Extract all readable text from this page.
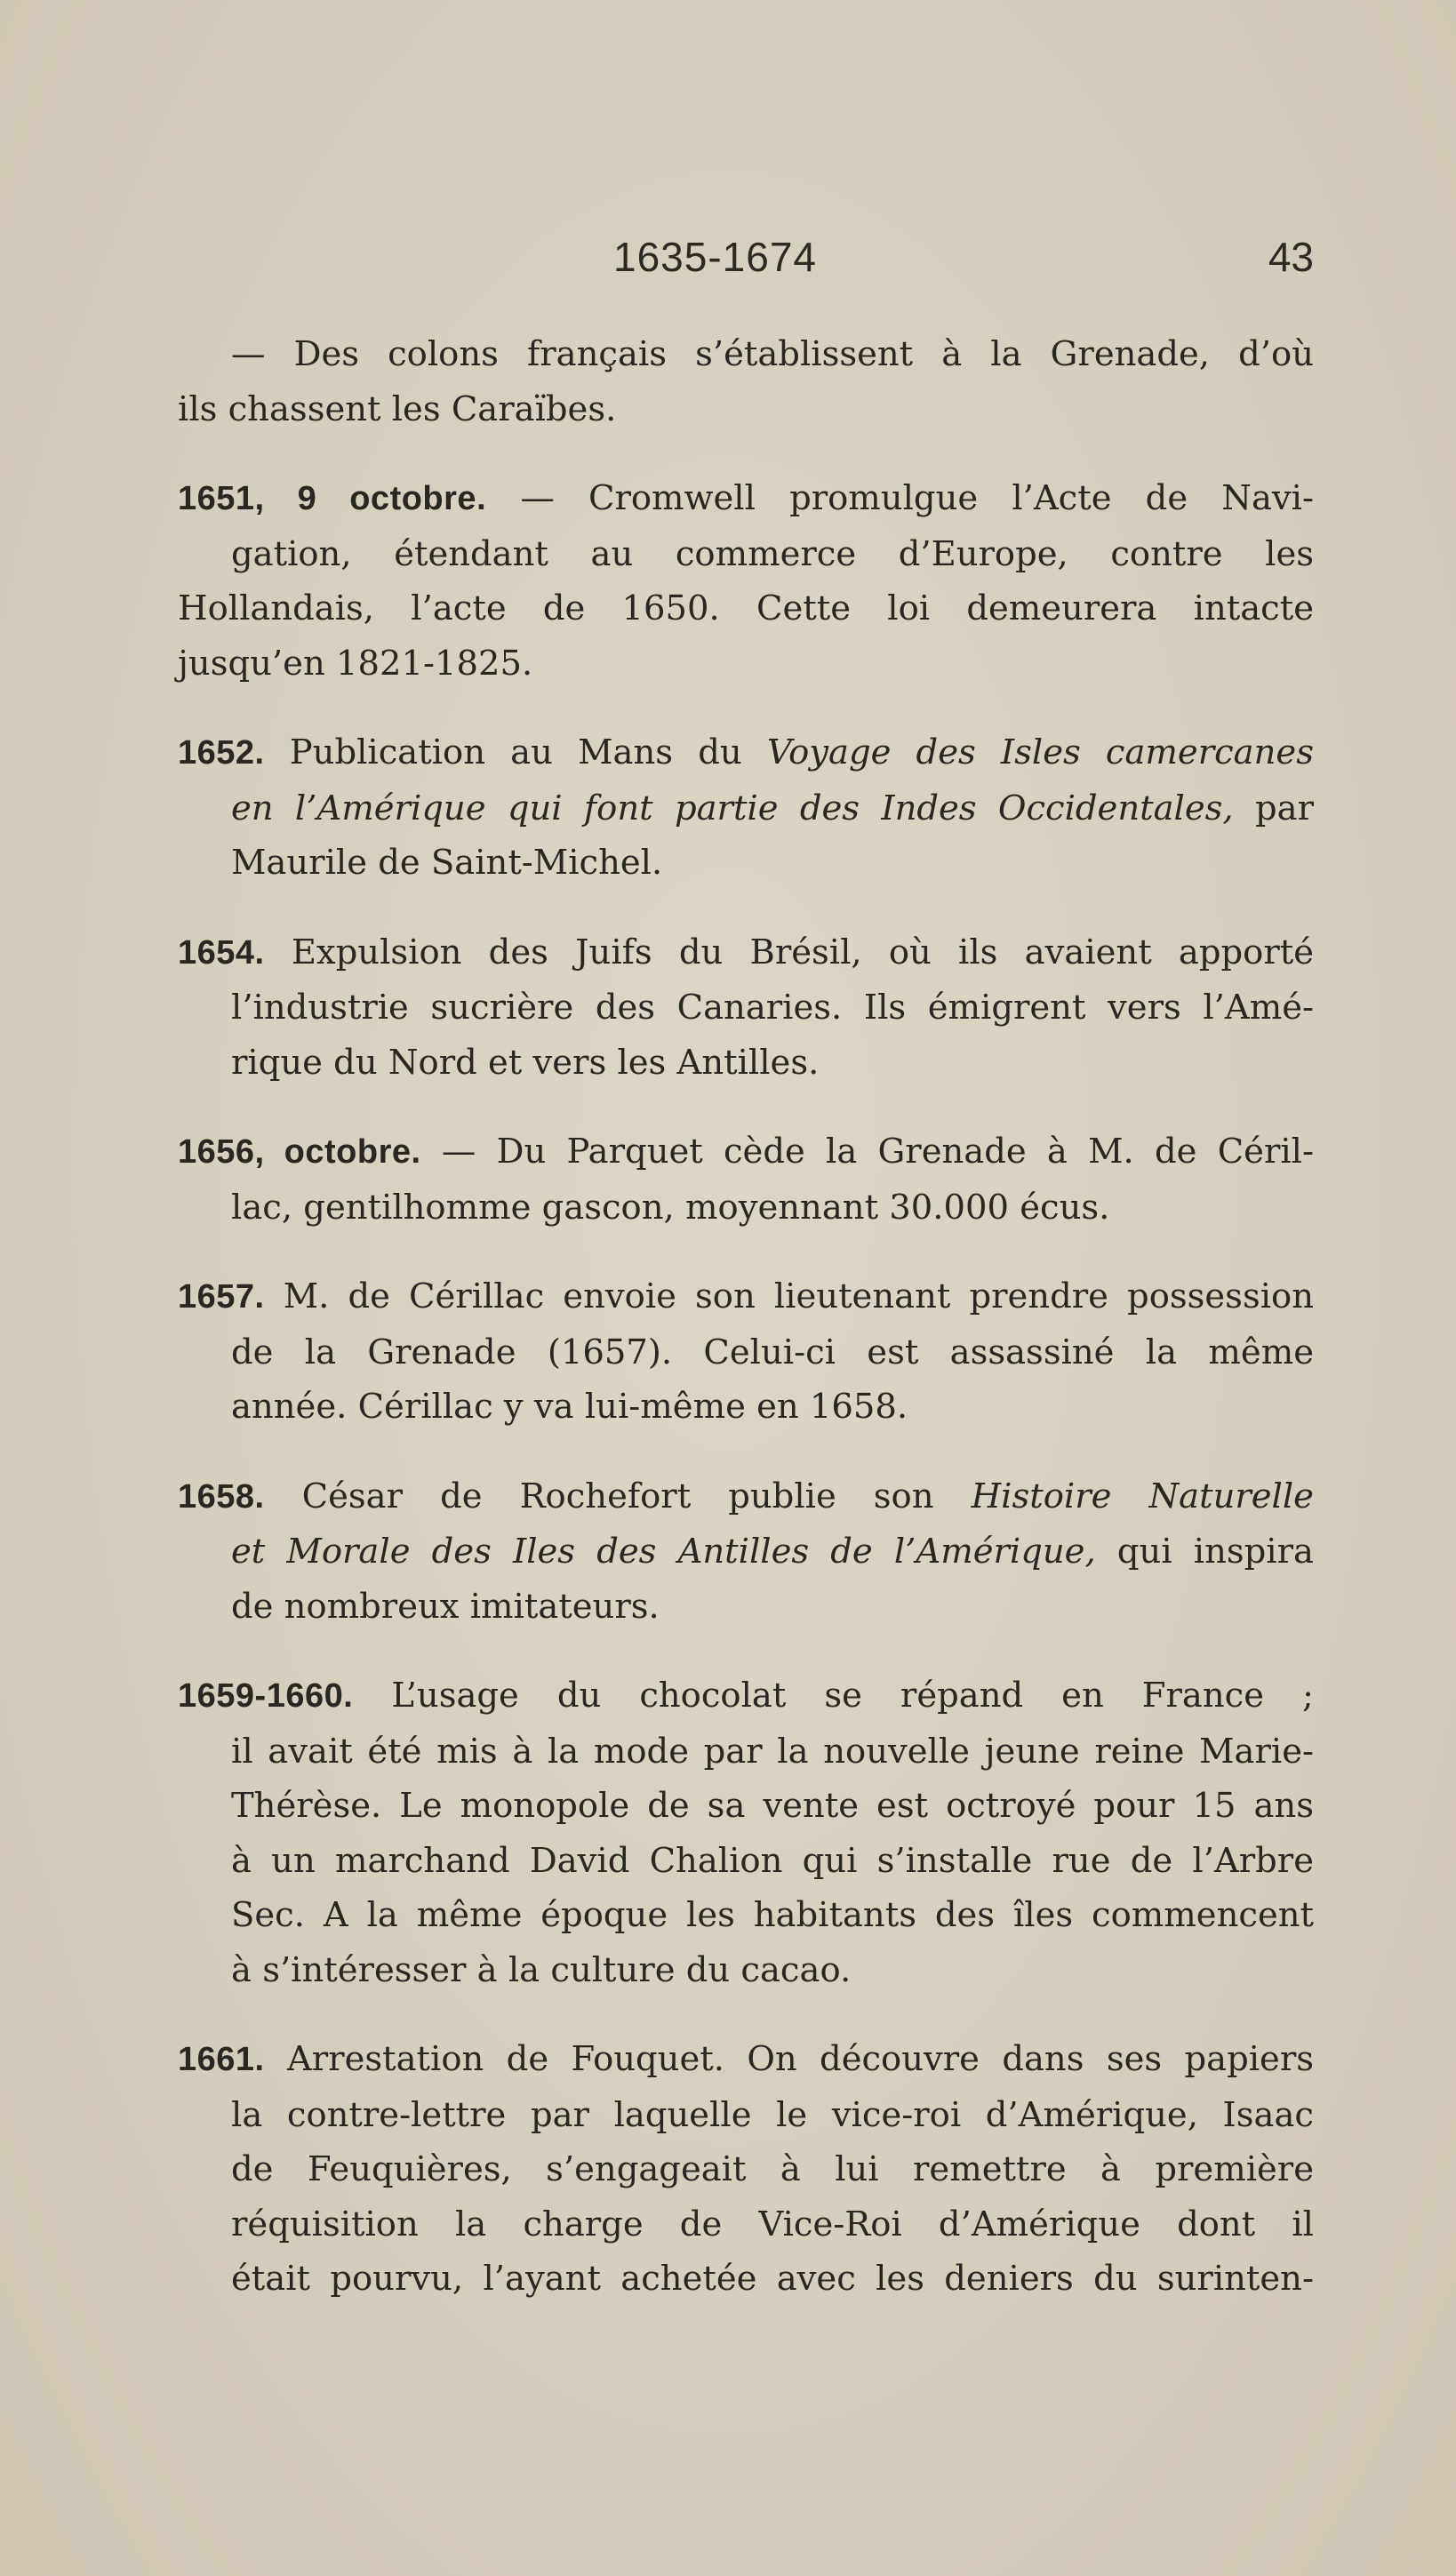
1635-1674	43
— Des colons français s’établissent à la Grenade, d’où
ils chassent les Caraïbes.
1651, 9 octobre. — Cromwell promulgue l’Acte de Navi-
gation, étendant au commerce d’Europe, contre les
Hollandais, l’acte de 1650. Cette loi demeurera intacte
jusqu’en 1821-1825.
1652. Publication au Mans du Voyage des Isles camercanes
en l’Amérique qui font partie des Indes Occidentales, par
Maurile de Saint-Michel.
1654. Expulsion des Juifs du Brésil, où ils avaient apporté
l’industrie sucrière des Canaries. Ils émigrent vers l’Amé-
rique du Nord et vers les Antilles.
1656, octobre. — Du Parquet cède la Grenade à M. de Céril-
lac, gentilhomme gascon, moyennant 30.000 écus.
1657. M. de Cérillac envoie son lieutenant prendre possession
de la Grenade (1657). Celui-ci est assassiné la même
année. Cérillac y va lui-même en 1658.
1658. César de Rochefort publie son Histoire Naturelle
et Morale des Iles des Antilles de l’Amérique, qui inspira
de nombreux imitateurs.
1659-1660. L’usage du chocolat se répand en France ;
il avait été mis à la mode par la nouvelle jeune reine Marie-
Thérèse. Le monopole de sa vente est octroyé pour 15 ans
à un marchand David Chalion qui s’installe rue de l’Arbre
Sec. A la même époque les habitants des îles commencent
à s’intéresser à la culture du cacao.
1661. Arrestation de Fouquet. On découvre dans ses papiers
la contre-lettre par laquelle le vice-roi d’Amérique, Isaac
de Feuquières, s’engageait à lui remettre à première
réquisition la charge de Vice-Roi d’Amérique dont il
était pourvu, l’ayant achetée avec les deniers du surinten-
